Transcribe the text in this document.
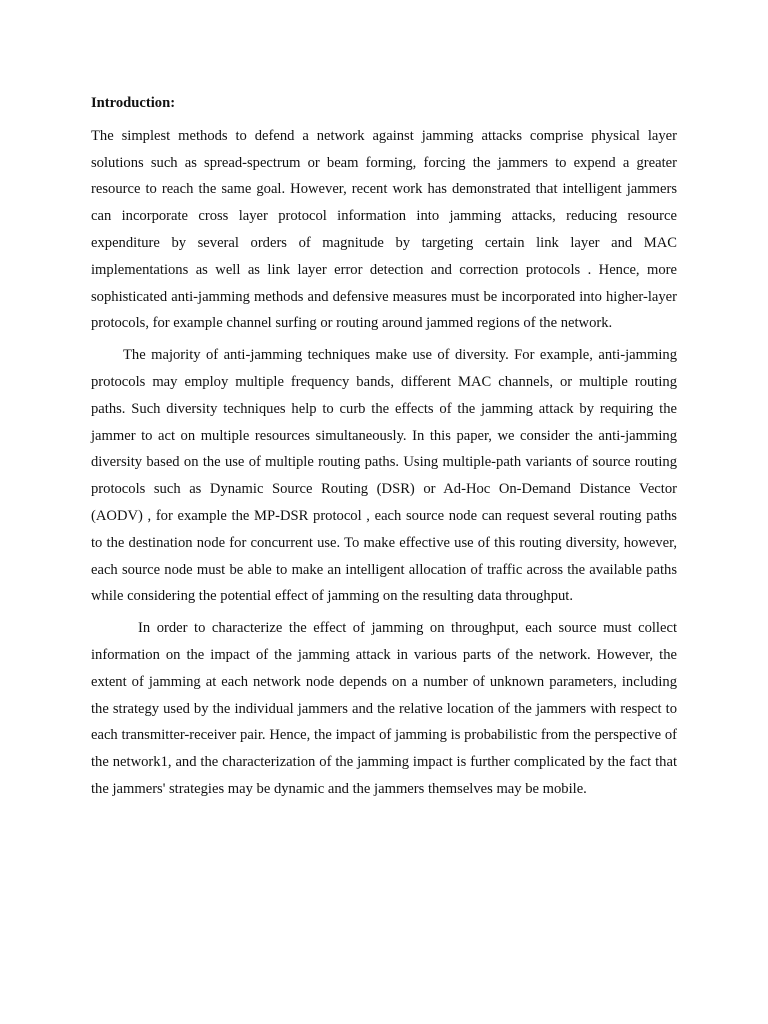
Introduction:

The simplest methods to defend a network against jamming attacks comprise physical layer solutions such as spread-spectrum or beam forming, forcing the jammers to expend a greater resource to reach the same goal. However, recent work has demonstrated that intelligent jammers can incorporate cross layer protocol information into jamming attacks, reducing resource expenditure by several orders of magnitude by targeting certain link layer and MAC implementations as well as link layer error detection and correction protocols . Hence, more sophisticated anti-jamming methods and defensive measures must be incorporated into higher-layer protocols, for example channel surfing or routing around jammed regions of the network.

The majority of anti-jamming techniques make use of diversity. For example, anti-jamming protocols may employ multiple frequency bands, different MAC channels, or multiple routing paths. Such diversity techniques help to curb the effects of the jamming attack by requiring the jammer to act on multiple resources simultaneously. In this paper, we consider the anti-jamming diversity based on the use of multiple routing paths. Using multiple-path variants of source routing protocols such as Dynamic Source Routing (DSR) or Ad-Hoc On-Demand Distance Vector (AODV) , for example the MP-DSR protocol , each source node can request several routing paths to the destination node for concurrent use. To make effective use of this routing diversity, however, each source node must be able to make an intelligent allocation of traffic across the available paths while considering the potential effect of jamming on the resulting data throughput.

In order to characterize the effect of jamming on throughput, each source must collect information on the impact of the jamming attack in various parts of the network. However, the extent of jamming at each network node depends on a number of unknown parameters, including the strategy used by the individual jammers and the relative location of the jammers with respect to each transmitter-receiver pair. Hence, the impact of jamming is probabilistic from the perspective of the network1, and the characterization of the jamming impact is further complicated by the fact that the jammers' strategies may be dynamic and the jammers themselves may be mobile.
